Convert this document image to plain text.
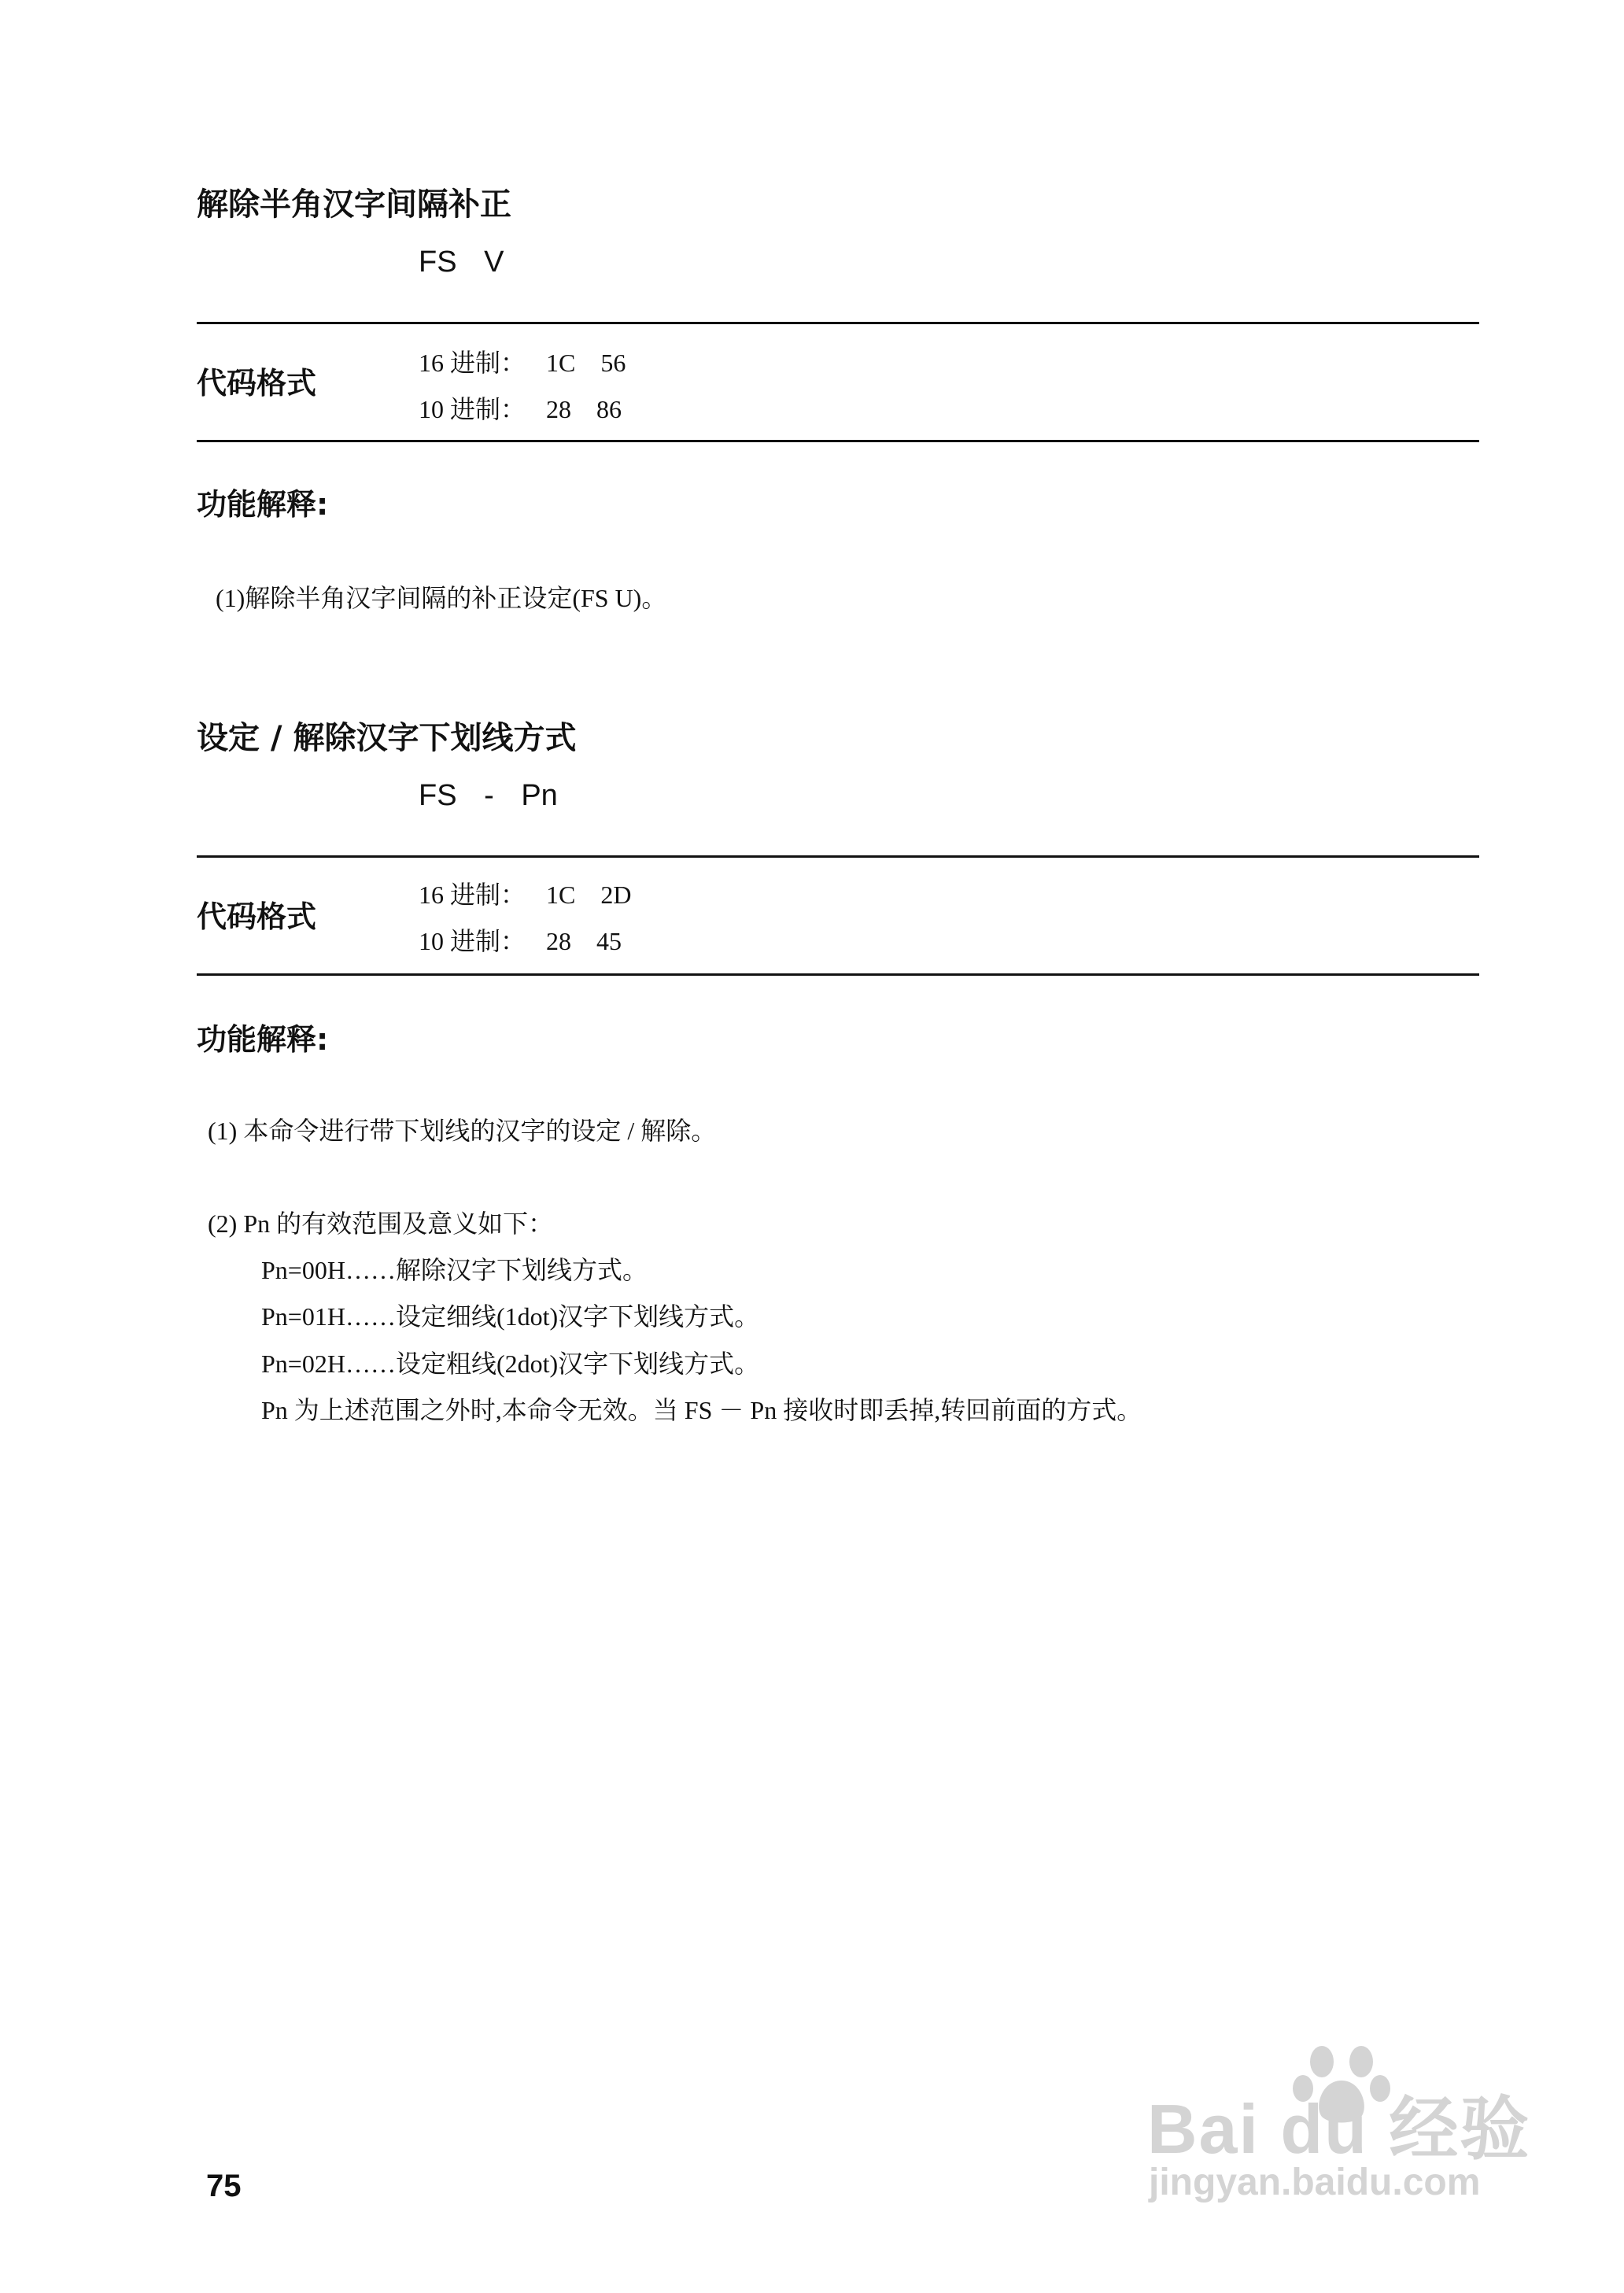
解除半角汉字间隔补正
FS V
代码格式
16 进制： 1C 56
10 进制： 28 86
功能解释:
(1)解除半角汉字间隔的补正设定(FS U)。
设定 / 解除汉字下划线方式
FS - Pn
代码格式
16 进制： 1C 2D
10 进制： 28 45
功能解释:
(1) 本命令进行带下划线的汉字的设定 / 解除。
(2) Pn 的有效范围及意义如下：
Pn=00H……解除汉字下划线方式。
Pn=01H……设定细线(1dot)汉字下划线方式。
Pn=02H……设定粗线(2dot)汉字下划线方式。
Pn 为上述范围之外时,本命令无效。当 FS － Pn 接收时即丢掉,转回前面的方式。
75
Bai du 经验
jingyan.baidu.com
